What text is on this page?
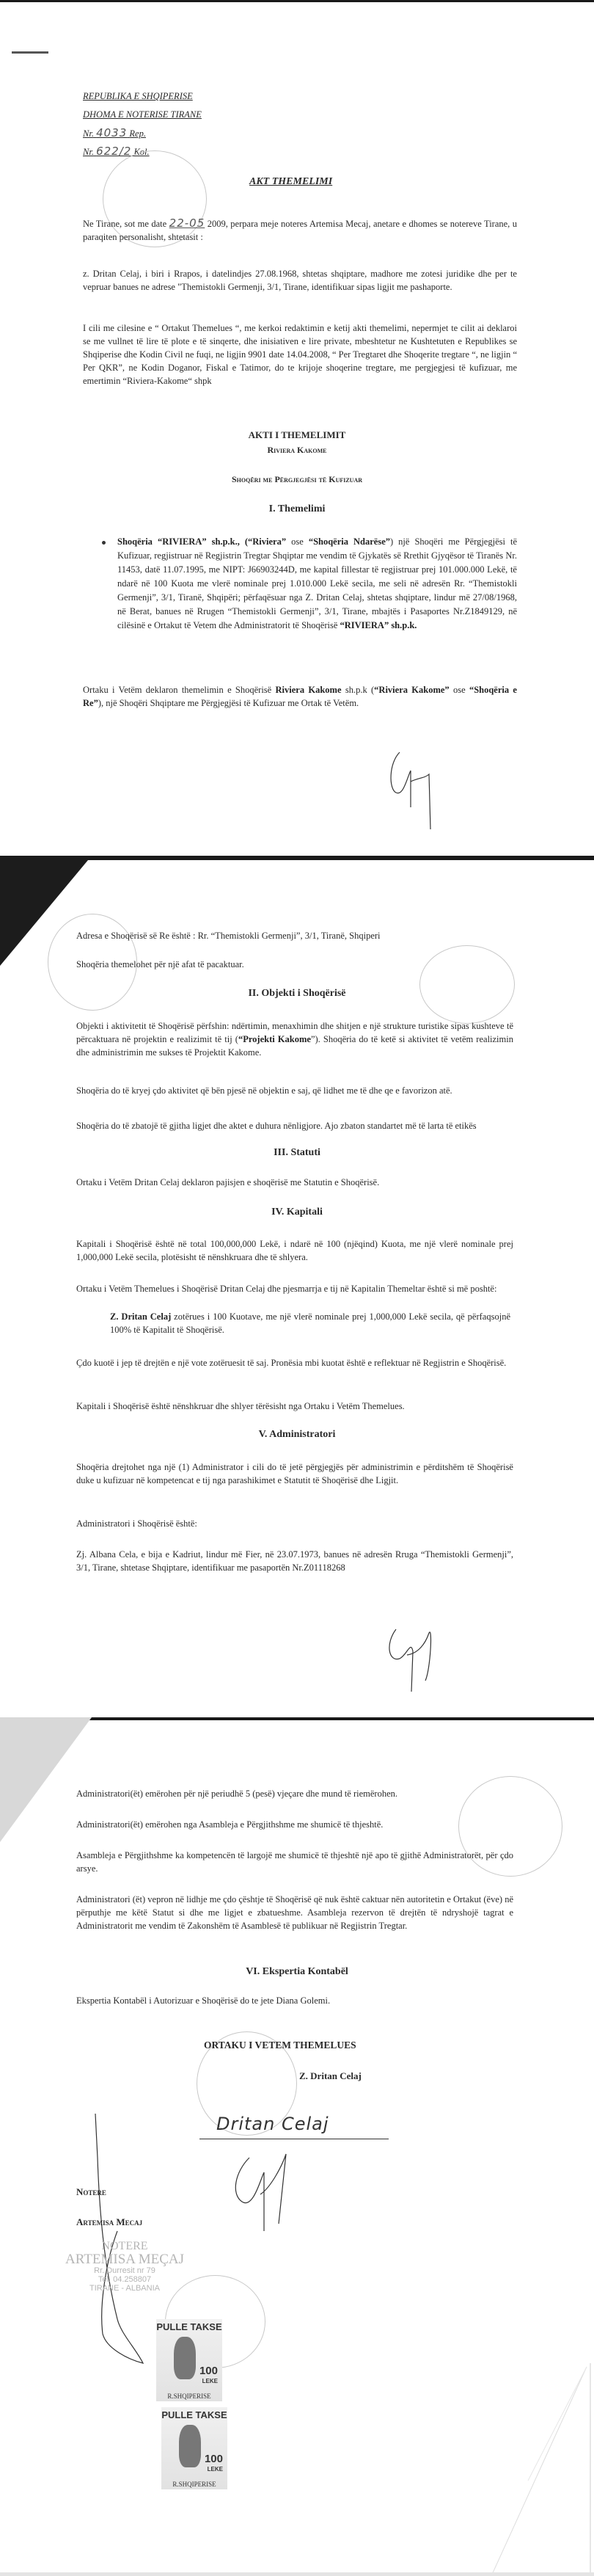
REPUBLIKA E SHQIPERISE
DHOMA E NOTERISE TIRANE
Nr. 4033 Rep.
Nr. 622/2 Kol.
AKT THEMELIMI
Ne Tirane, sot me date 22-05 2009, perpara meje noteres Artemisa Mecaj, anetare e dhomes se notereve Tirane, u paraqiten personalisht, shtetasit :
z. Dritan Celaj, i biri i Rrapos, i datelindjes 27.08.1968, shtetas shqiptare, madhore me zotesi juridike dhe per te vepruar banues ne adrese "Themistokli Germenji, 3/1, Tirane, identifikuar sipas ligjit me pashaporte.
I cili me cilesine e “ Ortakut Themelues “, me kerkoi redaktimin e ketij akti themelimi, nepermjet te cilit ai deklaroi se me vullnet të lire të plote e të sinqerte, dhe inisiativen e lire private, mbeshtetur ne Kushtetuten e Republikes se Shqiperise dhe Kodin Civil ne fuqi, ne ligjin 9901 date 14.04.2008, “ Per Tregtaret dhe Shoqerite tregtare “, ne ligjin “ Per QKR”, ne Kodin Doganor, Fiskal e Tatimor, do te krijoje shoqerine tregtare, me pergjegjesi të kufizuar, me emertimin “Riviera-Kakome“ shpk
AKTI I THEMELIMIT
Riviera Kakome
Shoqëri me Përgjegjësi të Kufizuar
I. Themelimi
Shoqëria “RIVIERA” sh.p.k., (“Riviera” ose “Shoqëria Ndarëse”) një Shoqëri me Përgjegjësi të Kufizuar, regjistruar në Regjistrin Tregtar Shqiptar me vendim të Gjykatës së Rrethit Gjyqësor të Tiranës Nr. 11453, datë 11.07.1995, me NIPT: J66903244D, me kapital fillestar të regjistruar prej 101.000.000 Lekë, të ndarë në 100 Kuota me vlerë nominale prej 1.010.000 Lekë secila, me seli në adresën Rr. “Themistokli Germenji”, 3/1, Tiranë, Shqipëri; përfaqësuar nga Z. Dritan Celaj, shtetas shqiptare, lindur më 27/08/1968, në Berat, banues në Rrugen “Themistokli Germenji”, 3/1, Tirane, mbajtës i Pasaportes Nr.Z1849129, në cilësinë e Ortakut të Vetem dhe Administratorit të Shoqërisë “RIVIERA” sh.p.k.
Ortaku i Vetëm deklaron themelimin e Shoqërisë Riviera Kakome sh.p.k (“Riviera Kakome” ose “Shoqëria e Re”), një Shoqëri Shqiptare me Përgjegjësi të Kufizuar me Ortak të Vetëm.
Adresa e Shoqërisë së Re është : Rr. “Themistokli Germenji”, 3/1, Tiranë, Shqiperi
Shoqëria themelohet për një afat të pacaktuar.
II. Objekti i Shoqërisë
Objekti i aktivitetit të Shoqërisë përfshin: ndërtimin, menaxhimin dhe shitjen e një strukture turistike sipas kushteve të përcaktuara në projektin e realizimit të tij (“Projekti Kakome”). Shoqëria do të ketë si aktivitet të vetëm realizimin dhe administrimin me sukses të Projektit Kakome.
Shoqëria do të kryej çdo aktivitet që bën pjesë në objektin e saj, që lidhet me të dhe qe e favorizon atë.
Shoqëria do të zbatojë të gjitha ligjet dhe aktet e duhura nënligjore. Ajo zbaton standartet më të larta të etikës
III. Statuti
Ortaku i Vetëm Dritan Celaj deklaron pajisjen e shoqërisë me Statutin e Shoqërisë.
IV. Kapitali
Kapitali i Shoqërisë është në total 100,000,000 Lekë, i ndarë në 100 (njëqind) Kuota, me një vlerë nominale prej 1,000,000 Lekë secila, plotësisht të nënshkruara dhe të shlyera.
Ortaku i Vetëm Themelues i Shoqërisë Dritan Celaj dhe pjesmarrja e tij në Kapitalin Themeltar është si më poshtë:
Z. Dritan Celaj zotërues i 100 Kuotave, me një vlerë nominale prej 1,000,000 Lekë secila, që përfaqsojnë 100% të Kapitalit të Shoqërisë.
Çdo kuotë i jep të drejtën e një vote zotëruesit të saj. Pronësia mbi kuotat është e reflektuar në Regjistrin e Shoqërisë.
Kapitali i Shoqërisë është nënshkruar dhe shlyer tërësisht nga Ortaku i Vetëm Themelues.
V. Administratori
Shoqëria drejtohet nga një (1) Administrator i cili do të jetë përgjegjës për administrimin e përditshëm të Shoqërisë duke u kufizuar në kompetencat e tij nga parashikimet e Statutit të Shoqërisë dhe Ligjit.
Administratori i Shoqërisë është:
Zj. Albana Cela, e bija e Kadriut, lindur më Fier, në 23.07.1973, banues në adresën Rruga “Themistokli Germenji”, 3/1, Tirane, shtetase Shqiptare, identifikuar me pasaportën Nr.Z01118268
Administratori(ët) emërohen për një periudhë 5 (pesë) vjeçare dhe mund të riemërohen.
Administratori(ët) emërohen nga Asambleja e Përgjithshme me shumicë të thjeshtë.
Asambleja e Përgjithshme ka kompetencën të largojë me shumicë të thjeshtë një apo të gjithë Administratorët, për çdo arsye.
Administratori (ët) vepron në lidhje me çdo çështje të Shoqërisë që nuk është caktuar nën autoritetin e Ortakut (ëve) në përputhje me këtë Statut si dhe me ligjet e zbatueshme. Asambleja rezervon të drejtën të ndryshojë tagrat e Administratorit me vendim të Zakonshëm të Asamblesë të publikuar në Regjistrin Tregtar.
VI. Ekspertia Kontabël
Ekspertia Kontabël i Autorizuar e Shoqërisë do te jete Diana Golemi.
ORTAKU I VETEM THEMELUES
Z. Dritan Celaj
Dritan Celaj
Notere
Artemisa Mecaj
NOTERE
ARTEMISA MEÇAJ
Rr. Durresit nr 79
Tel. 04.258807
TIRANE - ALBANIA
PULLE TAKSE
100
LEKE
R.SHQIPERISE
PULLE TAKSE
100
LEKE
R.SHQIPERISE
